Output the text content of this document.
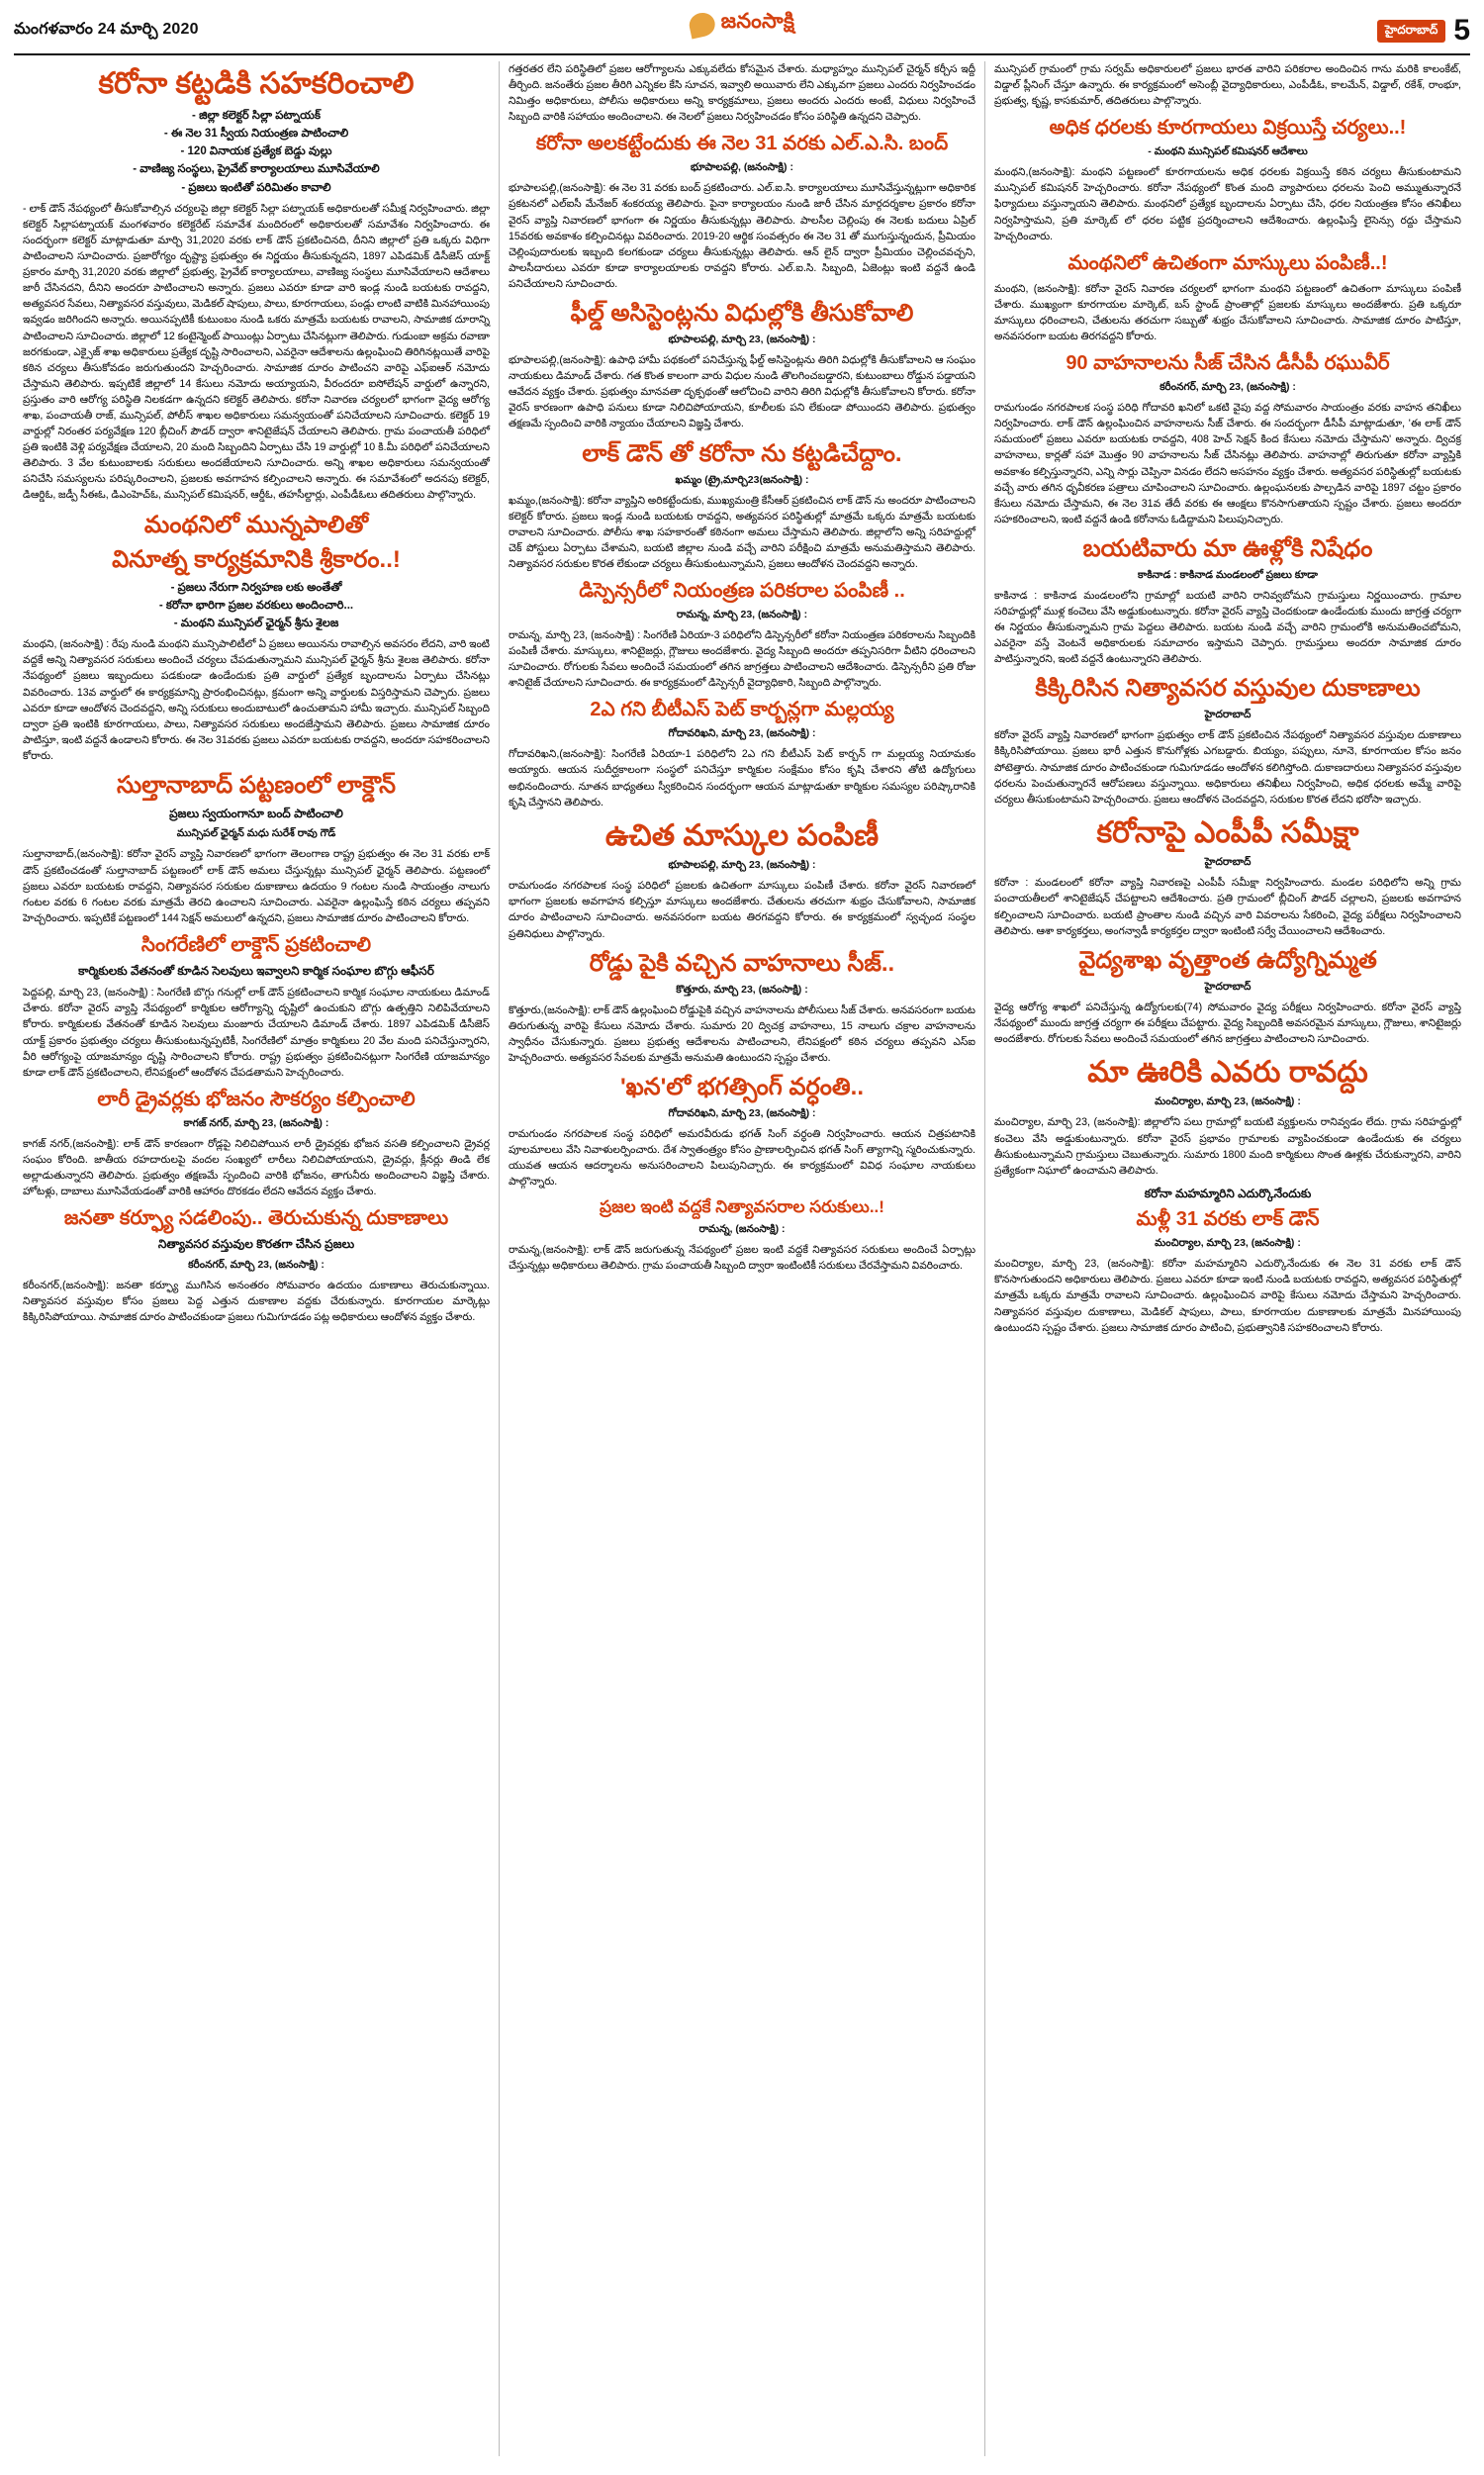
మంగళవారం 24 మార్చి 2020	జనంసాక్షి	హైదరాబాద్ 5
కరోనా కట్టడికి సహకరించాలి
- జిల్లా కలెక్టర్ సిల్లా పట్నాయక్
- ఈ నెల 31 స్వీయ నియంత్రణ పాటించాలి
- 120 వినాయక ప్రత్యేక బెడ్డు వుల్లు
- వాణిజ్య సంస్థలు, ప్రైవేట్ కార్యాలయాలు మూసివేయాలి
- ప్రజలు ఇంటితో పరిమితం కావాలి

- లాక్ డౌన్ నేపథ్యంలో తీసుకోవాల్సిన చర్యలపై జిల్లా కలెక్టర్ సిల్లా పట్నాయక్ అధికారులతో సమీక్ష నిర్వహించారు. జిల్లా కలెక్టర్ సిల్లాపట్నాయక్ మంగళవారం కలెక్టరేట్ సమావేశ మందిరంలో అధికారులతో సమావేశం నిర్వహించారు. ఈ సందర్భంగా కలెక్టర్ మాట్లాడుతూ మార్చి 31,2020 వరకు లాక్ డౌన్ ప్రకటించినది, దీనిని జిల్లాలో ప్రతి ఒక్కరు విధిగా పాటించాలని సూచించారు. ప్రజారోగ్యం దృష్ట్యా ప్రభుత్వం ఈ నిర్ణయం తీసుకున్నదని, 1897 ఎపిడమిక్ డిసీజెస్ యాక్ట్ ప్రకారం మార్చి 31,2020 వరకు జిల్లాలో ప్రభుత్వ, ప్రైవేట్ కార్యాలయాలు, వాణిజ్య సంస్థలు మూసివేయాలని ఆదేశాలు జారీ చేసినదని, దీనిని అందరూ పాటించాలని అన్నారు. ప్రజలు ఎవరూ కూడా వారి ఇండ్ల నుండి బయటకు రావద్దని, అత్యవసర సేవలు, నిత్యావసర వస్తువులు, మెడికల్ షాపులు, పాలు, కూరగాయలు, పండ్లు లాంటి వాటికి మినహాయింపు ఇవ్వడం జరిగిందని అన్నారు. అయినప్పటికీ కుటుంబం నుండి ఒకరు మాత్రమే బయటకు రావాలని, సామాజిక దూరాన్ని పాటించాలని సూచించారు. జిల్లాలో 12 కంటైన్మెంట్ పాయింట్లు ఏర్పాటు చేసినట్లుగా తెలిపారు. గుడుంబా అక్రమ రవాణా జరగకుండా, ఎక్సైజ్ శాఖ అధికారులు ప్రత్యేక దృష్టి సారించాలని, ఎవరైనా ఆదేశాలను ఉల్లంఘించి తిరిగినట్లయితే వారిపై కఠిన చర్యలు తీసుకోవడం జరుగుతుందని హెచ్చరించారు. సామాజిక దూరం పాటించని వారిపై ఎఫ్ఐఆర్ నమోదు చేస్తామని తెలిపారు. ఇప్పటికే జిల్లాలో 14 కేసులు నమోదు అయ్యాయని, వీరందరూ ఐసోలేషన్ వార్డులో ఉన్నారని, ప్రస్తుతం వారి ఆరోగ్య పరిస్థితి నిలకడగా ఉన్నదని కలెక్టర్ తెలిపారు. కరోనా నివారణ చర్యలలో భాగంగా వైద్య ఆరోగ్య శాఖ, పంచాయతీ రాజ్, మున్సిపల్, పోలీస్ శాఖల అధికారులు సమన్వయంతో పనిచేయాలని సూచించారు. కలెక్టర్ 19 వార్డుల్లో నిరంతర పర్యవేక్షణ 120 బ్లీచింగ్ పౌడర్ ద్వారా శానిటైజేషన్ చేయాలని తెలిపారు. గ్రామ పంచాయతీ పరిధిలో ప్రతి ఇంటికి వెళ్లి పర్యవేక్షణ చేయాలని, 20 మంది సిబ్బందిని ఏర్పాటు చేసి 19 వార్డుల్లో 10 కి.మీ పరిధిలో పనిచేయాలని తెలిపారు. 3 వేల కుటుంబాలకు సరుకులు అందజేయాలని సూచించారు. అన్ని శాఖల అధికారులు సమన్వయంతో పనిచేసి సమస్యలను పరిష్కరించాలని, ప్రజలకు అవగాహన కల్పించాలని అన్నారు. ఈ సమావేశంలో అదనపు కలెక్టర్, డిఆర్డిఓ, జడ్పీ సీఈఓ, డిఎంహెచ్ఓ, మున్సిపల్ కమిషనర్, ఆర్డీఓ, తహసీల్దార్లు, ఎంపీడీఓలు తదితరులు పాల్గొన్నారు.

మంథనిలో మున్నపాలితో
వినూత్న కార్యక్రమానికి శ్రీకారం..!
- ప్రజలు నేరుగా నిర్వహణ లకు అంతేతో
- కరోనా భారిగా ప్రజల వరకులు అందించారి...
- మంథని మున్సిపల్ ఛైర్మన్ శ్రీను శైలజ

మంథని, (జనంసాక్షి) : రేపు నుండి మంథని మున్సిపాలిటీలో ఏ ప్రజలు అయినను రావాల్సిన అవసరం లేదని, వారి ఇంటి వద్దకే అన్ని నిత్యావసర సరుకులు అందించే చర్యలు చేపడుతున్నామని మున్సిపల్ ఛైర్మన్ శ్రీను శైలజ తెలిపారు. కరోనా నేపథ్యంలో ప్రజలు ఇబ్బందులు పడకుండా ఉండేందుకు ప్రతి వార్డులో ప్రత్యేక బృందాలను ఏర్పాటు చేసినట్లు వివరించారు. 13వ వార్డులో ఈ కార్యక్రమాన్ని ప్రారంభించినట్లు, క్రమంగా అన్ని వార్డులకు విస్తరిస్తామని చెప్పారు. ప్రజలు ఎవరూ కూడా ఆందోళన చెందవద్దని, అన్ని సరుకులు అందుబాటులో ఉంచుతామని హామీ ఇచ్చారు. మున్సిపల్ సిబ్బంది ద్వారా ప్రతి ఇంటికి కూరగాయలు, పాలు, నిత్యావసర సరుకులు అందజేస్తామని తెలిపారు. ప్రజలు సామాజిక దూరం పాటిస్తూ, ఇంటి వద్దనే ఉండాలని కోరారు. ఈ నెల 31వరకు ప్రజలు ఎవరూ బయటకు రావద్దని, అందరూ సహకరించాలని కోరారు.

సుల్తానాబాద్ పట్టణంలో లాక్డౌన్
ప్రజలు స్వయంగానూ బంద్ పాటించాలి
మున్సిపల్ ఛైర్మన్ మధు సురేశ్ రావు గౌడ్

సుల్తానాబాద్,(జనంసాక్షి): కరోనా వైరస్ వ్యాప్తి నివారణలో భాగంగా తెలంగాణ రాష్ట్ర ప్రభుత్వం ఈ నెల 31 వరకు లాక్ డౌన్ ప్రకటించడంతో సుల్తానాబాద్ పట్టణంలో లాక్ డౌన్ అమలు చేస్తున్నట్లు మున్సిపల్ ఛైర్మన్ తెలిపారు. పట్టణంలో ప్రజలు ఎవరూ బయటకు రావద్దని, నిత్యావసర సరుకుల దుకాణాలు ఉదయం 9 గంటల నుండి సాయంత్రం నాలుగు గంటల వరకు 6 గంటల వరకు మాత్రమే తెరచి ఉంచాలని సూచించారు. ఎవరైనా ఉల్లంఘిస్తే కఠిన చర్యలు తప్పవని హెచ్చరించారు. ఇప్పటికే పట్టణంలో 144 సెక్షన్ అమలులో ఉన్నదని, ప్రజలు సామాజిక దూరం పాటించాలని కోరారు.

సింగరేణిలో లాక్డౌన్ ప్రకటించాలి
కార్మికులకు వేతనంతో కూడిన సెలవులు ఇవ్వాలని కార్మిక సంఘాల బొగ్గు ఆఫీసర్

పెద్దపల్లి, మార్చి 23, (జనంసాక్షి) : సింగరేణి బొగ్గు గనుల్లో లాక్ డౌన్ ప్రకటించాలని కార్మిక సంఘాల నాయకులు డిమాండ్ చేశారు. కరోనా వైరస్ వ్యాప్తి నేపథ్యంలో కార్మికుల ఆరోగ్యాన్ని దృష్టిలో ఉంచుకుని బొగ్గు ఉత్పత్తిని నిలిపివేయాలని కోరారు. కార్మికులకు వేతనంతో కూడిన సెలవులు మంజూరు చేయాలని డిమాండ్ చేశారు. 1897 ఎపిడమిక్ డిసీజెస్ యాక్ట్ ప్రకారం ప్రభుత్వం చర్యలు తీసుకుంటున్నప్పటికీ, సింగరేణిలో మాత్రం కార్మికులు 20 వేల మంది పనిచేస్తున్నారని, వీరి ఆరోగ్యంపై యాజమాన్యం దృష్టి సారించాలని కోరారు. రాష్ట్ర ప్రభుత్వం ప్రకటించినట్లుగా సింగరేణి యాజమాన్యం కూడా లాక్ డౌన్ ప్రకటించాలని, లేనిపక్షంలో ఆందోళన చేపడతామని హెచ్చరించారు.

లారీ డ్రైవర్లకు భోజనం సౌకర్యం కల్పించాలి
కాగజ్ నగర్, మార్చి 23, (జనంసాక్షి) :

కాగజ్ నగర్,(జనంసాక్షి): లాక్ డౌన్ కారణంగా రోడ్లపై నిలిచిపోయిన లారీ డ్రైవర్లకు భోజన వసతి కల్పించాలని డ్రైవర్ల సంఘం కోరింది. జాతీయ రహదారులపై వందల సంఖ్యలో లారీలు నిలిచిపోయాయని, డ్రైవర్లు, క్లీనర్లు తిండి లేక అల్లాడుతున్నారని తెలిపారు. ప్రభుత్వం తక్షణమే స్పందించి వారికి భోజనం, తాగునీరు అందించాలని విజ్ఞప్తి చేశారు. హోటళ్లు, దాబాలు మూసివేయడంతో వారికి ఆహారం దొరకడం లేదని ఆవేదన వ్యక్తం చేశారు.

జనతా కర్ఫ్యూ సడలింపు.. తెరుచుకున్న దుకాణాలు
నిత్యావసర వస్తువుల కొరతగా చేసిన ప్రజలు
కరీంనగర్, మార్చి 23, (జనంసాక్షి) :

కరీంనగర్,(జనంసాక్షి): జనతా కర్ఫ్యూ ముగిసిన అనంతరం సోమవారం ఉదయం దుకాణాలు తెరుచుకున్నాయి. నిత్యావసర వస్తువుల కోసం ప్రజలు పెద్ద ఎత్తున దుకాణాల వద్దకు చేరుకున్నారు. కూరగాయల మార్కెట్లు కిక్కిరిసిపోయాయి. సామాజిక దూరం పాటించకుండా ప్రజలు గుమిగూడడం పట్ల అధికారులు ఆందోళన వ్యక్తం చేశారు.

గత్తరతర లేని పరిస్థితిలో ప్రజల ఆరోగ్యాలను ఎక్కువలేదు కోసమైన చేశారు. మధ్యాహ్నం మున్సిపల్ చైర్మన్ కర్చీస ఇద్దీ తీర్చింది. జనంతేరు ప్రజల తీరిగి ఎన్నికల కేసి సూచన, ఇవ్వాలి అయివారు లేని ఎక్కువగా ప్రజలు ఎందరు నిర్వహించడం నిమిత్తం అధికారులు, పోలీసు అధికారులు అన్ని కార్యక్రమాలు, ప్రజలు అందరు ఎందరు అంటే, విధులు నిర్వహించే సిబ్బంది వారికి సహాయం అందించాలని. ఈ నెలలో ప్రజలు నిర్వహించడం కోసం పరిస్థితి ఉన్నదని చెప్పారు.

కరోనా అలకట్టేందుకు ఈ నెల 31 వరకు ఎల్.ఎ.సి. బంద్
భూపాలపల్లి, (జనంసాక్షి) :

భూపాలపల్లి,(జనంసాక్షి): ఈ నెల 31 వరకు బంద్ ప్రకటించారు. ఎల్.ఐ.సి. కార్యాలయాలు మూసివేస్తున్నట్లుగా అధికారిక ప్రకటనలో ఎల్ఐసీ మేనేజర్ శంకరయ్య తెలిపారు. పైనా కార్యాలయం నుండి జారీ చేసిన మార్గదర్శకాల ప్రకారం కరోనా వైరస్ వ్యాప్తి నివారణలో భాగంగా ఈ నిర్ణయం తీసుకున్నట్లు తెలిపారు. పాలసీల చెల్లింపు ఈ నెలకు బదులు ఏప్రిల్ 15వరకు అవకాశం కల్పించినట్లు వివరించారు. 2019-20 ఆర్థిక సంవత్సరం ఈ నెల 31 తో ముగుస్తున్నందున, ప్రీమియం చెల్లింపుదారులకు ఇబ్బంది కలగకుండా చర్యలు తీసుకున్నట్లు తెలిపారు. ఆన్ లైన్ ద్వారా ప్రీమియం చెల్లించవచ్చని, పాలసీదారులు ఎవరూ కూడా కార్యాలయాలకు రావద్దని కోరారు. ఎల్.ఐ.సి. సిబ్బంది, ఏజెంట్లు ఇంటి వద్దనే ఉండి పనిచేయాలని సూచించారు.

ఫీల్డ్ అసిస్టెంట్లను విధుల్లోకి తీసుకోవాలి
భూపాలపల్లి, మార్చి 23, (జనంసాక్షి) :

భూపాలపల్లి,(జనంసాక్షి): ఉపాధి హామీ పథకంలో పనిచేస్తున్న ఫీల్డ్ అసిస్టెంట్లను తిరిగి విధుల్లోకి తీసుకోవాలని ఆ సంఘం నాయకులు డిమాండ్ చేశారు. గత కొంత కాలంగా వారు విధుల నుండి తొలగించబడ్డారని, కుటుంబాలు రోడ్డున పడ్డాయని ఆవేదన వ్యక్తం చేశారు. ప్రభుత్వం మానవతా దృక్పథంతో ఆలోచించి వారిని తిరిగి విధుల్లోకి తీసుకోవాలని కోరారు. కరోనా వైరస్ కారణంగా ఉపాధి పనులు కూడా నిలిచిపోయాయని, కూలీలకు పని లేకుండా పోయిందని తెలిపారు. ప్రభుత్వం తక్షణమే స్పందించి వారికి న్యాయం చేయాలని విజ్ఞప్తి చేశారు.

లాక్ డౌన్ తో కరోనా ను కట్టడిచేద్దాం.
ఖమ్మం (ట్రై,మార్చి23(జనంసాక్షి) :

ఖమ్మం,(జనంసాక్షి): కరోనా వ్యాప్తిని అరికట్టేందుకు, ముఖ్యమంత్రి కేసీఆర్ ప్రకటించిన లాక్ డౌన్ ను అందరూ పాటించాలని కలెక్టర్ కోరారు. ప్రజలు ఇండ్ల నుండి బయటకు రావద్దని, అత్యవసర పరిస్థితుల్లో మాత్రమే ఒక్కరు మాత్రమే బయటకు రావాలని సూచించారు. పోలీసు శాఖ సహకారంతో కఠినంగా అమలు చేస్తామని తెలిపారు. జిల్లాలోని అన్ని సరిహద్దుల్లో చెక్ పోస్టులు ఏర్పాటు చేశామని, బయటి జిల్లాల నుండి వచ్చే వారిని పరీక్షించి మాత్రమే అనుమతిస్తామని తెలిపారు. నిత్యావసర సరుకుల కొరత లేకుండా చర్యలు తీసుకుంటున్నామని, ప్రజలు ఆందోళన చెందవద్దని అన్నారు.

డిస్పెన్సరీలో నియంత్రణ పరికరాల పంపిణీ ..
రామన్న, మార్చి 23, (జనంసాక్షి) :

రామన్న, మార్చి 23, (జనంసాక్షి) : సింగరేణి ఏరియా-3 పరిధిలోని డిస్పెన్సరీలో కరోనా నియంత్రణ పరికరాలను సిబ్బందికి పంపిణీ చేశారు. మాస్కులు, శానిటైజర్లు, గ్లౌజులు అందజేశారు. వైద్య సిబ్బంది అందరూ తప్పనిసరిగా వీటిని ధరించాలని సూచించారు. రోగులకు సేవలు అందించే సమయంలో తగిన జాగ్రత్తలు పాటించాలని ఆదేశించారు. డిస్పెన్సరీని ప్రతి రోజు శానిటైజ్ చేయాలని సూచించారు. ఈ కార్యక్రమంలో డిస్పెన్సరీ వైద్యాధికారి, సిబ్బంది పాల్గొన్నారు.

2ఎ గని బీటీఎస్ పెట్ కార్బన్లగా మల్లయ్య
గోదావరిఖని, మార్చి 23, (జనంసాక్షి) :

గోదావరిఖని,(జనంసాక్షి): సింగరేణి ఏరియా-1 పరిధిలోని 2ఎ గని బీటీఎస్ పెట్ కార్బన్ గా మల్లయ్య నియామకం అయ్యారు. ఆయన సుదీర్ఘకాలంగా సంస్థలో పనిచేస్తూ కార్మికుల సంక్షేమం కోసం కృషి చేశారని తోటి ఉద్యోగులు అభినందించారు. నూతన బాధ్యతలు స్వీకరించిన సందర్భంగా ఆయన మాట్లాడుతూ కార్మికుల సమస్యల పరిష్కారానికి కృషి చేస్తానని తెలిపారు.

ఉచిత మాస్కుల పంపిణీ
భూపాలపల్లి, మార్చి 23, (జనంసాక్షి) :

రామగుండం నగరపాలక సంస్థ పరిధిలో ప్రజలకు ఉచితంగా మాస్కులు పంపిణీ చేశారు. కరోనా వైరస్ నివారణలో భాగంగా ప్రజలకు అవగాహన కల్పిస్తూ మాస్కులు అందజేశారు. చేతులను తరచుగా శుభ్రం చేసుకోవాలని, సామాజిక దూరం పాటించాలని సూచించారు. అనవసరంగా బయట తిరగవద్దని కోరారు. ఈ కార్యక్రమంలో స్వచ్ఛంద సంస్థల ప్రతినిధులు పాల్గొన్నారు.

రోడ్డు పైకి వచ్చిన వాహనాలు సీజ్..
కొత్తూరు, మార్చి 23, (జనంసాక్షి) :

కొత్తూరు,(జనంసాక్షి): లాక్ డౌన్ ఉల్లంఘించి రోడ్డుపైకి వచ్చిన వాహనాలను పోలీసులు సీజ్ చేశారు. అనవసరంగా బయట తిరుగుతున్న వారిపై కేసులు నమోదు చేశారు. సుమారు 20 ద్విచక్ర వాహనాలు, 15 నాలుగు చక్రాల వాహనాలను స్వాధీనం చేసుకున్నారు. ప్రజలు ప్రభుత్వ ఆదేశాలను పాటించాలని, లేనిపక్షంలో కఠిన చర్యలు తప్పవని ఎస్ఐ హెచ్చరించారు. అత్యవసర సేవలకు మాత్రమే అనుమతి ఉంటుందని స్పష్టం చేశారు.

'ఖన'లో భగత్సింగ్ వర్ధంతి..
గోదావరిఖని, మార్చి 23, (జనంసాక్షి) :

రామగుండం నగరపాలక సంస్థ పరిధిలో అమరవీరుడు భగత్ సింగ్ వర్ధంతి నిర్వహించారు. ఆయన చిత్రపటానికి పూలమాలలు వేసి నివాళులర్పించారు. దేశ స్వాతంత్ర్యం కోసం ప్రాణాలర్పించిన భగత్ సింగ్ త్యాగాన్ని స్మరించుకున్నారు. యువత ఆయన ఆదర్శాలను అనుసరించాలని పిలుపునిచ్చారు. ఈ కార్యక్రమంలో వివిధ సంఘాల నాయకులు పాల్గొన్నారు.

ప్రజల ఇంటి వద్దకే నిత్యావసరాల సరుకులు..!
రామన్న, (జనంసాక్షి) :

రామన్న,(జనంసాక్షి): లాక్ డౌన్ జరుగుతున్న నేపథ్యంలో ప్రజల ఇంటి వద్దకే నిత్యావసర సరుకులు అందించే ఏర్పాట్లు చేస్తున్నట్లు అధికారులు తెలిపారు. గ్రామ పంచాయతీ సిబ్బంది ద్వారా ఇంటింటికీ సరుకులు చేరవేస్తామని వివరించారు.

మున్సిపల్ గ్రామంలో గ్రామ సర్వమ్ అధికారులలో ప్రజలు భారత వారిని పరికరాల అందించిన గాను మరికి కాలంకేట్, విడ్డాల్ ప్లీనింగ్ చేస్తూ ఉన్నారు. ఈ కార్యక్రమంలో అసెంబ్లీ వైద్యాధికారులు, ఎంపీడీఓ, కాలమేన్, విడ్డాల్, రకేశ్, రాంభూ, ప్రభుత్వ, కృష్ణ, కాసకుమార్, తదితరులు పాల్గొన్నారు.

అధిక ధరలకు కూరగాయలు విక్రయిస్తే చర్యలు..!
- మంథని మున్సిపల్ కమిషనర్ ఆదేశాలు

మంథని,(జనంసాక్షి): మంథని పట్టణంలో కూరగాయలను అధిక ధరలకు విక్రయిస్తే కఠిన చర్యలు తీసుకుంటామని మున్సిపల్ కమిషనర్ హెచ్చరించారు. కరోనా నేపథ్యంలో కొంత మంది వ్యాపారులు ధరలను పెంచి అమ్ముతున్నారనే ఫిర్యాదులు వస్తున్నాయని తెలిపారు. మంథనిలో ప్రత్యేక బృందాలను ఏర్పాటు చేసి, ధరల నియంత్రణ కోసం తనిఖీలు నిర్వహిస్తామని, ప్రతి మార్కెట్ లో ధరల పట్టిక ప్రదర్శించాలని ఆదేశించారు. ఉల్లంఘిస్తే లైసెన్సు రద్దు చేస్తామని హెచ్చరించారు.

మంథనిలో ఉచితంగా మాస్కులు పంపిణీ..!

మంథని, (జనంసాక్షి): కరోనా వైరస్ నివారణ చర్యలలో భాగంగా మంథని పట్టణంలో ఉచితంగా మాస్కులు పంపిణీ చేశారు. ముఖ్యంగా కూరగాయల మార్కెట్, బస్ స్టాండ్ ప్రాంతాల్లో ప్రజలకు మాస్కులు అందజేశారు. ప్రతి ఒక్కరూ మాస్కులు ధరించాలని, చేతులను తరచుగా సబ్బుతో శుభ్రం చేసుకోవాలని సూచించారు. సామాజిక దూరం పాటిస్తూ, అనవసరంగా బయట తిరగవద్దని కోరారు.

90 వాహనాలను సీజ్ చేసిన డీసీపీ రఘువీర్
కరీంనగర్, మార్చి 23, (జనంసాక్షి) :

రామగుండం నగరపాలక సంస్థ పరిధి గోదావరి ఖనిలో ఒకటి వైపు వద్ద సోమవారం సాయంత్రం వరకు వాహన తనిఖీలు నిర్వహించారు. లాక్ డౌన్ ఉల్లంఘించిన వాహనాలను సీజ్ చేశారు. ఈ సందర్భంగా డీసీపీ మాట్లాడుతూ, 'ఈ లాక్ డౌన్ సమయంలో ప్రజలు ఎవరూ బయటకు రావద్దని, 408 హెచ్ సెక్షన్ కింద కేసులు నమోదు చేస్తామని' అన్నారు. ద్విచక్ర వాహనాలు, కార్లతో సహా మొత్తం 90 వాహనాలను సీజ్ చేసినట్లు తెలిపారు. వాహనాల్లో తిరుగుతూ కరోనా వ్యాప్తికి అవకాశం కల్పిస్తున్నారని, ఎన్ని సార్లు చెప్పినా వినడం లేదని అసహనం వ్యక్తం చేశారు. అత్యవసర పరిస్థితుల్లో బయటకు వచ్చే వారు తగిన ధృవీకరణ పత్రాలు చూపించాలని సూచించారు. ఉల్లంఘనలకు పాల్పడిన వారిపై 1897 చట్టం ప్రకారం కేసులు నమోదు చేస్తామని, ఈ నెల 31వ తేదీ వరకు ఈ ఆంక్షలు కొనసాగుతాయని స్పష్టం చేశారు. ప్రజలు అందరూ సహకరించాలని, ఇంటి వద్దనే ఉండి కరోనాను ఓడిద్దామని పిలుపునిచ్చారు.

బయటివారు మా ఊళ్లోకి నిషేధం
కాకినాడ : కాకినాడ మండలంలో ప్రజలు కూడా

కాకినాడ : కాకినాడ మండలంలోని గ్రామాల్లో బయటి వారిని రానివ్వబోమని గ్రామస్తులు నిర్ణయించారు. గ్రామాల సరిహద్దుల్లో ముళ్ల కంచెలు వేసి అడ్డుకుంటున్నారు. కరోనా వైరస్ వ్యాప్తి చెందకుండా ఉండేందుకు ముందు జాగ్రత్త చర్యగా ఈ నిర్ణయం తీసుకున్నామని గ్రామ పెద్దలు తెలిపారు. బయట నుండి వచ్చే వారిని గ్రామంలోకి అనుమతించబోమని, ఎవరైనా వస్తే వెంటనే అధికారులకు సమాచారం ఇస్తామని చెప్పారు. గ్రామస్తులు అందరూ సామాజిక దూరం పాటిస్తున్నారని, ఇంటి వద్దనే ఉంటున్నారని తెలిపారు.

కిక్కిరిసిన నిత్యావసర వస్తువుల దుకాణాలు
హైదరాబాద్

కరోనా వైరస్ వ్యాప్తి నివారణలో భాగంగా ప్రభుత్వం లాక్ డౌన్ ప్రకటించిన నేపథ్యంలో నిత్యావసర వస్తువుల దుకాణాలు కిక్కిరిసిపోయాయి. ప్రజలు భారీ ఎత్తున కొనుగోళ్లకు ఎగబడ్డారు. బియ్యం, పప్పులు, నూనె, కూరగాయల కోసం జనం పోటెత్తారు. సామాజిక దూరం పాటించకుండా గుమిగూడడం ఆందోళన కలిగిస్తోంది. దుకాణదారులు నిత్యావసర వస్తువుల ధరలను పెంచుతున్నారనే ఆరోపణలు వస్తున్నాయి. అధికారులు తనిఖీలు నిర్వహించి, అధిక ధరలకు అమ్మే వారిపై చర్యలు తీసుకుంటామని హెచ్చరించారు. ప్రజలు ఆందోళన చెందవద్దని, సరుకుల కొరత లేదని భరోసా ఇచ్చారు.

కరోనాపై ఎంపీపీ సమీక్షా
హైదరాబాద్

కరోనా : మండలంలో కరోనా వ్యాప్తి నివారణపై ఎంపీపీ సమీక్షా నిర్వహించారు. మండల పరిధిలోని అన్ని గ్రామ పంచాయతీలలో శానిటైజేషన్ చేపట్టాలని ఆదేశించారు. ప్రతి గ్రామంలో బ్లీచింగ్ పౌడర్ చల్లాలని, ప్రజలకు అవగాహన కల్పించాలని సూచించారు. బయటి ప్రాంతాల నుండి వచ్చిన వారి వివరాలను సేకరించి, వైద్య పరీక్షలు నిర్వహించాలని తెలిపారు. ఆశా కార్యకర్తలు, అంగన్వాడీ కార్యకర్తల ద్వారా ఇంటింటి సర్వే చేయించాలని ఆదేశించారు.

వైద్యశాఖ వృత్తాంత ఉద్యోగ్నిమ్మత
హైదరాబాద్

వైద్య ఆరోగ్య శాఖలో పనిచేస్తున్న ఉద్యోగులకు(74) సోమవారం వైద్య పరీక్షలు నిర్వహించారు. కరోనా వైరస్ వ్యాప్తి నేపథ్యంలో ముందు జాగ్రత్త చర్యగా ఈ పరీక్షలు చేపట్టారు. వైద్య సిబ్బందికి అవసరమైన మాస్కులు, గ్లౌజులు, శానిటైజర్లు అందజేశారు. రోగులకు సేవలు అందించే సమయంలో తగిన జాగ్రత్తలు పాటించాలని సూచించారు.

మా ఊరికి ఎవరు రావద్దు
మంచిర్యాల, మార్చి 23, (జనంసాక్షి) :

మంచిర్యాల, మార్చి 23, (జనంసాక్షి): జిల్లాలోని పలు గ్రామాల్లో బయటి వ్యక్తులను రానివ్వడం లేదు. గ్రామ సరిహద్దుల్లో కంచెలు వేసి అడ్డుకుంటున్నారు. కరోనా వైరస్ ప్రభావం గ్రామాలకు వ్యాపించకుండా ఉండేందుకు ఈ చర్యలు తీసుకుంటున్నామని గ్రామస్తులు చెబుతున్నారు. సుమారు 1800 మంది కార్మికులు సొంత ఊళ్లకు చేరుకున్నారని, వారిని ప్రత్యేకంగా నిఘాలో ఉంచామని తెలిపారు.

కరోనా మహమ్మారిని ఎదుర్కొనేందుకు
మళ్లీ 31 వరకు లాక్ డౌన్
మంచిర్యాల, మార్చి 23, (జనంసాక్షి) :

మంచిర్యాల, మార్చి 23, (జనంసాక్షి): కరోనా మహమ్మారిని ఎదుర్కొనేందుకు ఈ నెల 31 వరకు లాక్ డౌన్ కొనసాగుతుందని అధికారులు తెలిపారు. ప్రజలు ఎవరూ కూడా ఇంటి నుండి బయటకు రావద్దని, అత్యవసర పరిస్థితుల్లో మాత్రమే ఒక్కరు మాత్రమే రావాలని సూచించారు. ఉల్లంఘించిన వారిపై కేసులు నమోదు చేస్తామని హెచ్చరించారు. నిత్యావసర వస్తువుల దుకాణాలు, మెడికల్ షాపులు, పాలు, కూరగాయల దుకాణాలకు మాత్రమే మినహాయింపు ఉంటుందని స్పష్టం చేశారు. ప్రజలు సామాజిక దూరం పాటించి, ప్రభుత్వానికి సహకరించాలని కోరారు.
